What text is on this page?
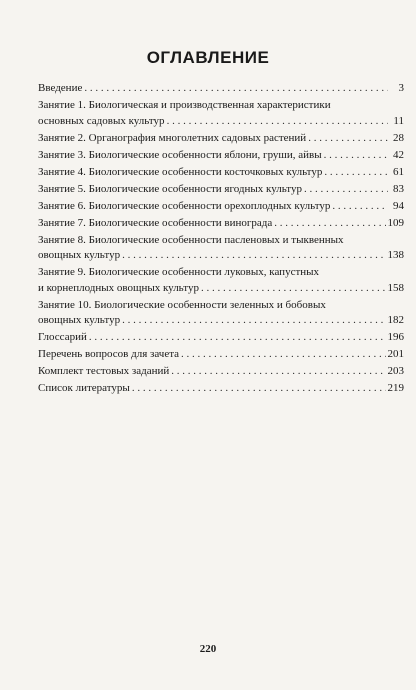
ОГЛАВЛЕНИЕ
Введение . . .	3
Занятие 1. Биологическая и производственная характеристики
основных садовых культур . . .	11
Занятие 2. Органография многолетних садовых растений . . .	28
Занятие 3. Биологические особенности яблони, груши, айвы . . .	42
Занятие 4. Биологические особенности косточковых культур . . .	61
Занятие 5. Биологические особенности ягодных культур . . .	83
Занятие 6. Биологические особенности орехоплодных культур . . .	94
Занятие 7. Биологические особенности винограда . . .	109
Занятие 8. Биологические особенности пасленовых и тыквенных
овощных культур . . .	138
Занятие 9. Биологические особенности луковых, капустных
и корнеплодных овощных культур . . .	158
Занятие 10. Биологические особенности зеленных и бобовых
овощных культур . . .	182
Глоссарий . . .	196
Перечень вопросов для зачета . . .	201
Комплект тестовых заданий . . .	203
Список литературы . . .	219
220
